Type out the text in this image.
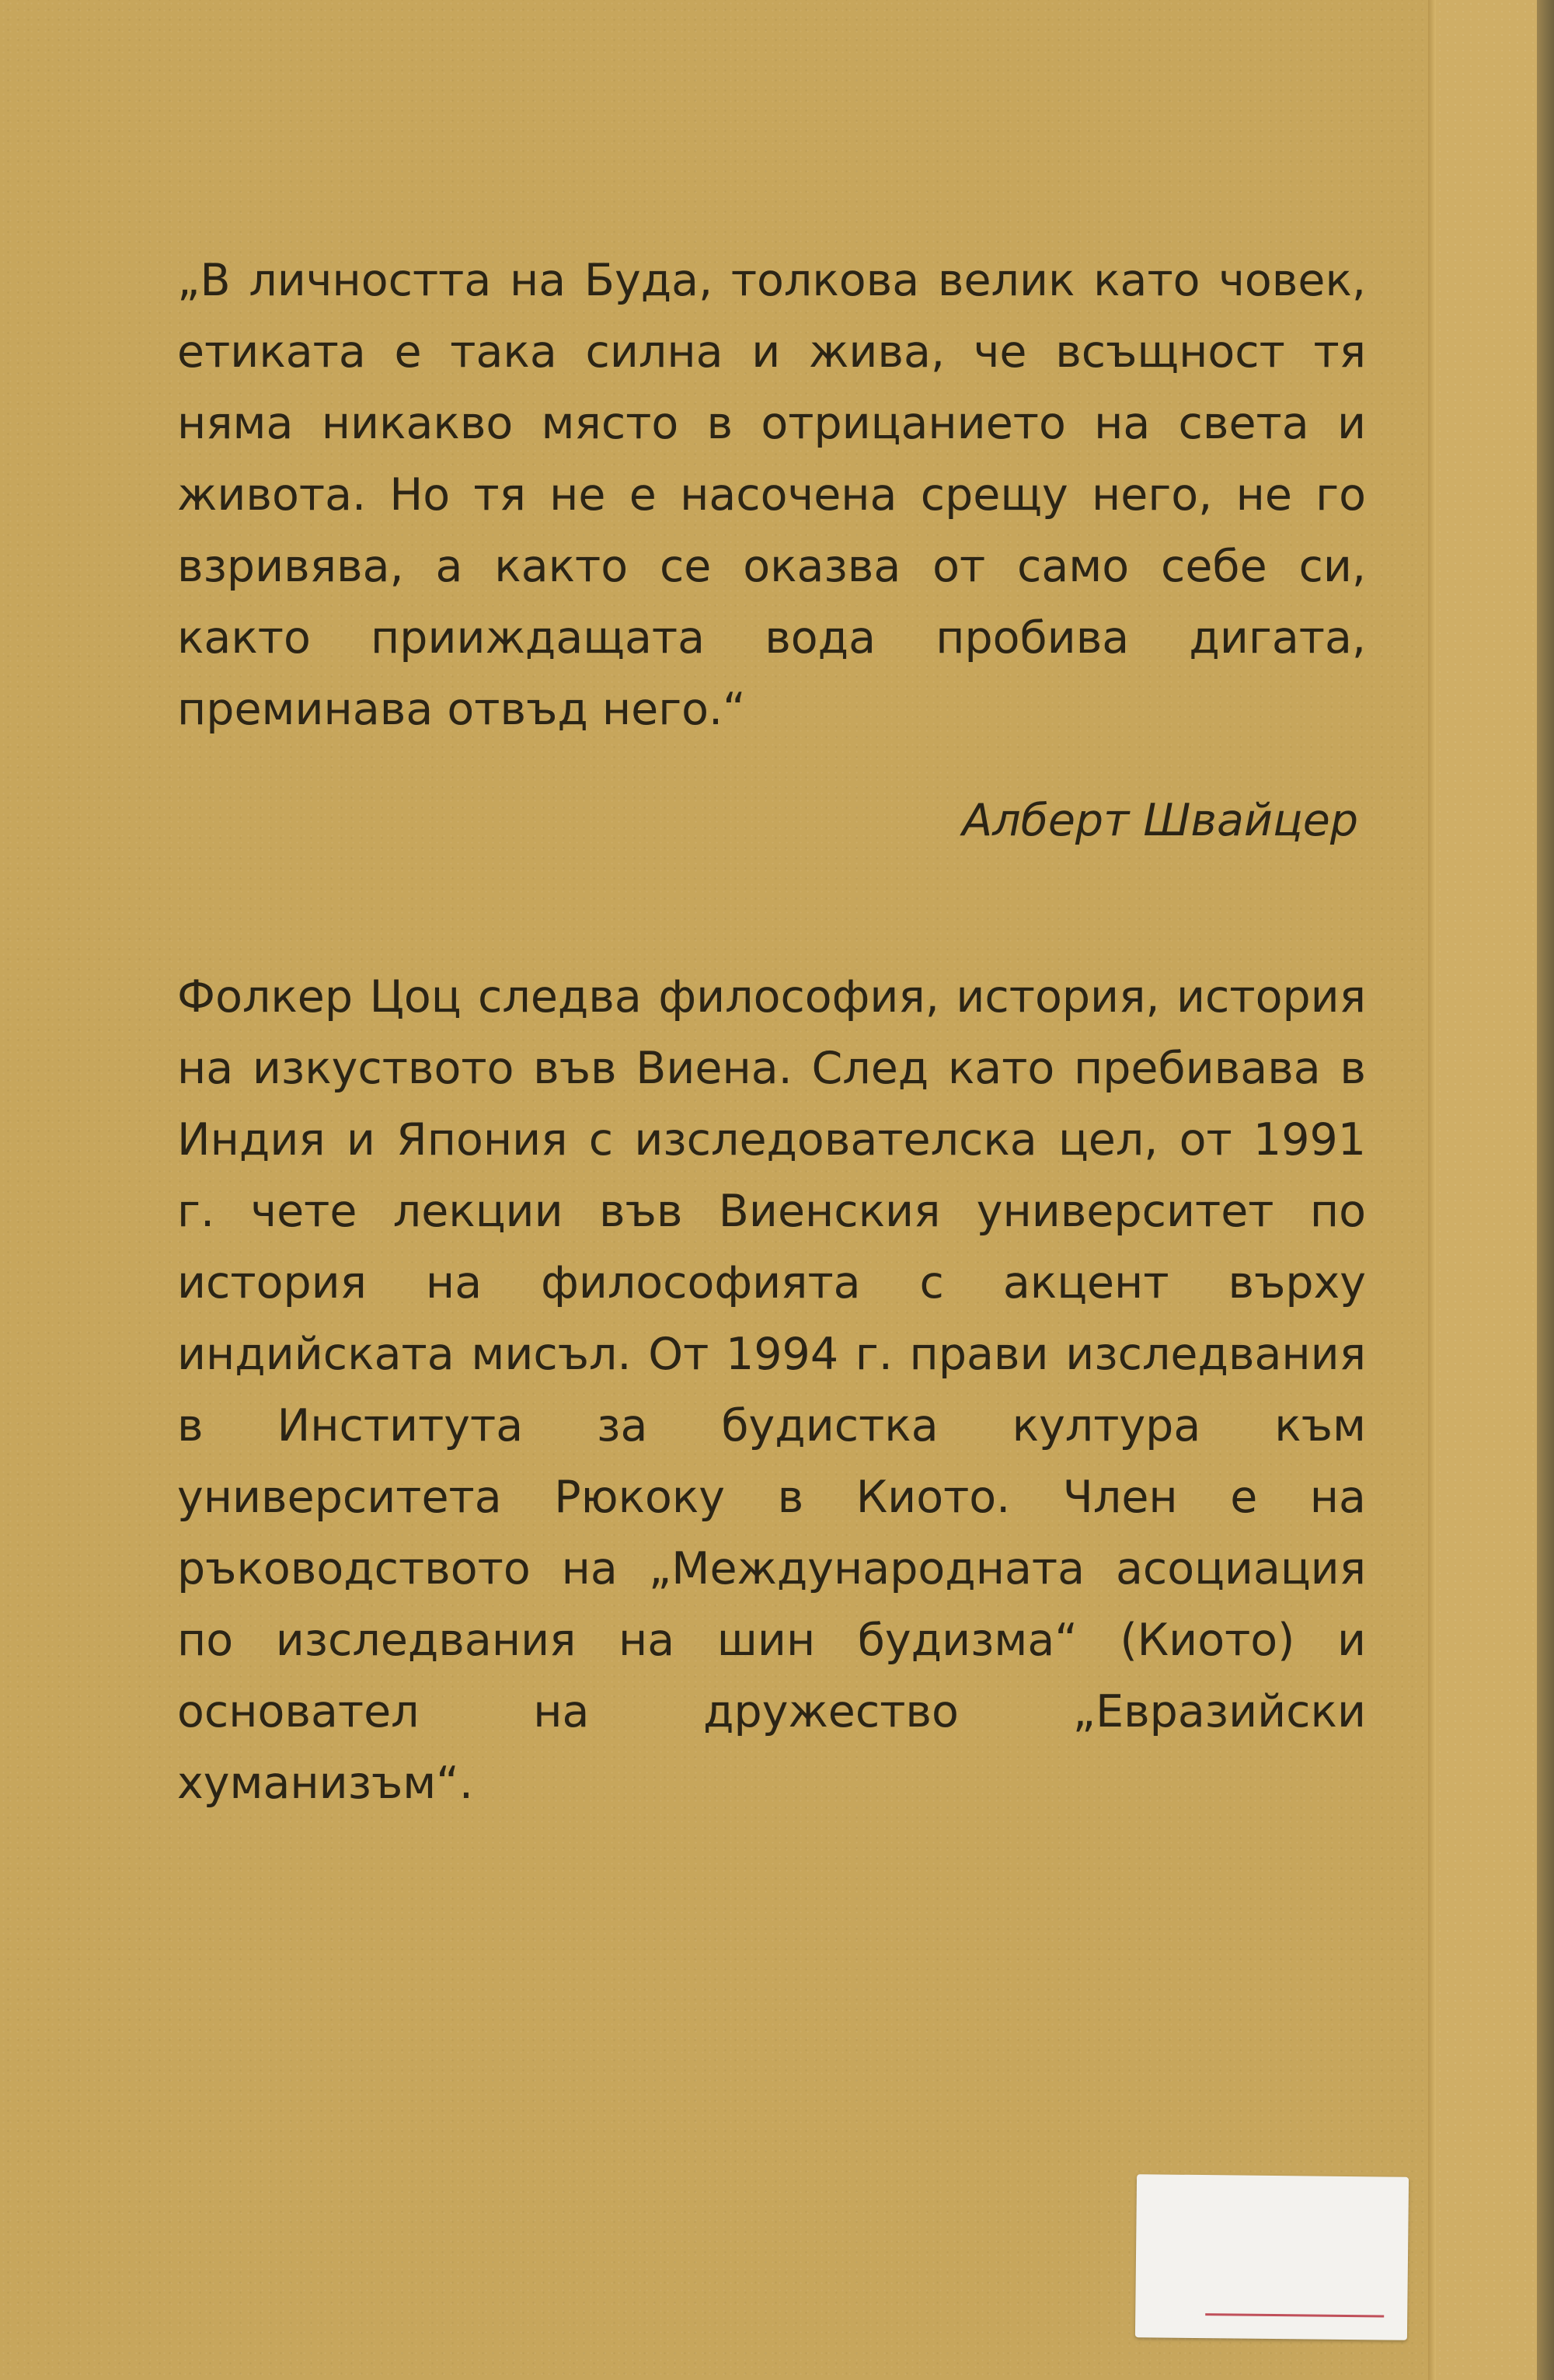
„В личността на Буда, толкова велик като човек, етиката е така силна и жива, че всъщност тя няма никакво място в отрицанието на света и живота. Но тя не е насочена срещу него, не го взривява, а както се оказва от само себе си, както прииждащата вода пробива дигата, преминава отвъд него.“

Алберт Швайцер

Фолкер Цоц следва философия, история, история на изкуството във Виена. След като пребивава в Индия и Япония с изследователска цел, от 1991 г. чете лекции във Виенския университет по история на философията с акцент върху индийската мисъл. От 1994 г. прави изследвания в Института за будистка култура към университета Рюкоку в Киото. Член е на ръководството на „Международната асоциация по изследвания на шин будизма“ (Киото) и основател на дружество „Евразийски хуманизъм“.
